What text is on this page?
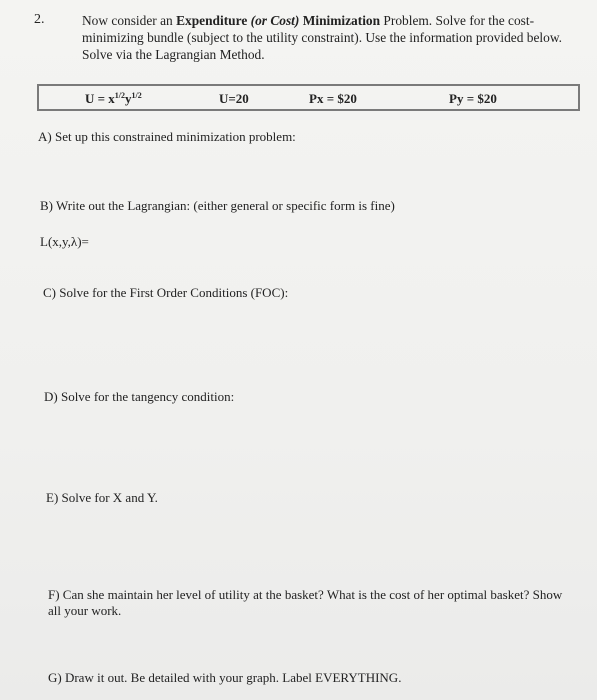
2.	Now consider an Expenditure (or Cost) Minimization Problem. Solve for the cost-minimizing bundle (subject to the utility constraint). Use the information provided below. Solve via the Lagrangian Method.
$U = x^{1/2}y^{1/2}$	U=20	Px = $20	Py = $20
A) Set up this constrained minimization problem:
B) Write out the Lagrangian: (either general or specific form is fine)
L(x,y,λ)=
C) Solve for the First Order Conditions (FOC):
D) Solve for the tangency condition:
E) Solve for X and Y.
F) Can she maintain her level of utility at the basket? What is the cost of her optimal basket? Show all your work.
G) Draw it out. Be detailed with your graph. Label EVERYTHING.
